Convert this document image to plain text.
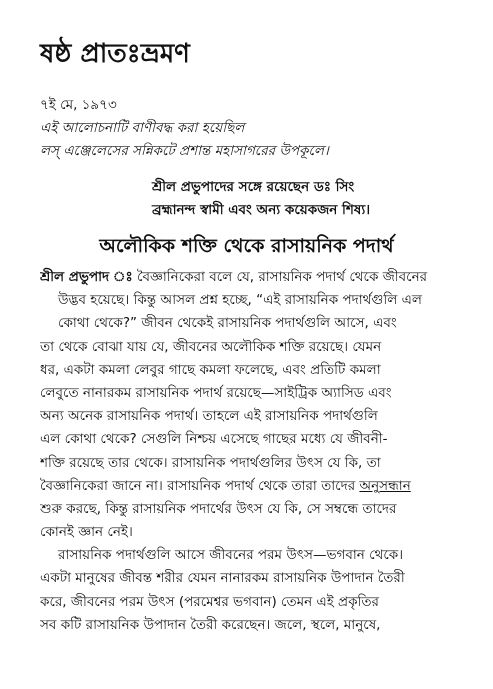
ষষ্ঠ প্রাতঃভ্রমণ
৭ই মে, ১৯৭৩
এই আলোচনাটি বাণীবদ্ধ করা হয়েছিল
লস্ এঞ্জেলেসের সন্নিকটে প্রশান্ত মহাসাগরের উপকূলে।
শ্রীল প্রভুপাদের সঙ্গে রয়েছেন ডঃ সিং
ব্রহ্মানন্দ স্বামী এবং অন্য কয়েকজন শিষ্য।
অলৌকিক শক্তি থেকে রাসায়নিক পদার্থ
শ্রীল প্রভুপাদ ঃ বৈজ্ঞানিকেরা বলে যে, রাসায়নিক পদার্থ থেকে জীবনের
উদ্ভব হয়েছে। কিন্তু আসল প্রশ্ন হচ্ছে, “এই রাসায়নিক পদার্থগুলি এল
কোথা থেকে?” জীবন থেকেই রাসায়নিক পদার্থগুলি আসে, এবং
তা থেকে বোঝা যায় যে, জীবনের অলৌকিক শক্তি রয়েছে। যেমন
ধর, একটা কমলা লেবুর গাছে কমলা ফলেছে, এবং প্রতিটি কমলা
লেবুতে নানারকম রাসায়নিক পদার্থ রয়েছে—সাইট্রিক অ্যাসিড এবং
অন্য অনেক রাসায়নিক পদার্থ। তাহলে এই রাসায়নিক পদার্থগুলি
এল কোথা থেকে? সেগুলি নিশ্চয় এসেছে গাছের মধ্যে যে জীবনী-
শক্তি রয়েছে তার থেকে। রাসায়নিক পদার্থগুলির উৎস যে কি, তা
বৈজ্ঞানিকেরা জানে না। রাসায়নিক পদার্থ থেকে তারা তাদের অনুসন্ধান
শুরু করছে, কিন্তু রাসায়নিক পদার্থের উৎস যে কি, সে সম্বন্ধে তাদের
কোনই জ্ঞান নেই।
রাসায়নিক পদার্থগুলি আসে জীবনের পরম উৎস—ভগবান থেকে।
একটা মানুষের জীবন্ত শরীর যেমন নানারকম রাসায়নিক উপাদান তৈরী
করে, জীবনের পরম উৎস (পরমেশ্বর ভগবান) তেমন এই প্রকৃতির
সব কটি রাসায়নিক উপাদান তৈরী করেছেন। জলে, স্থলে, মানুষে,
